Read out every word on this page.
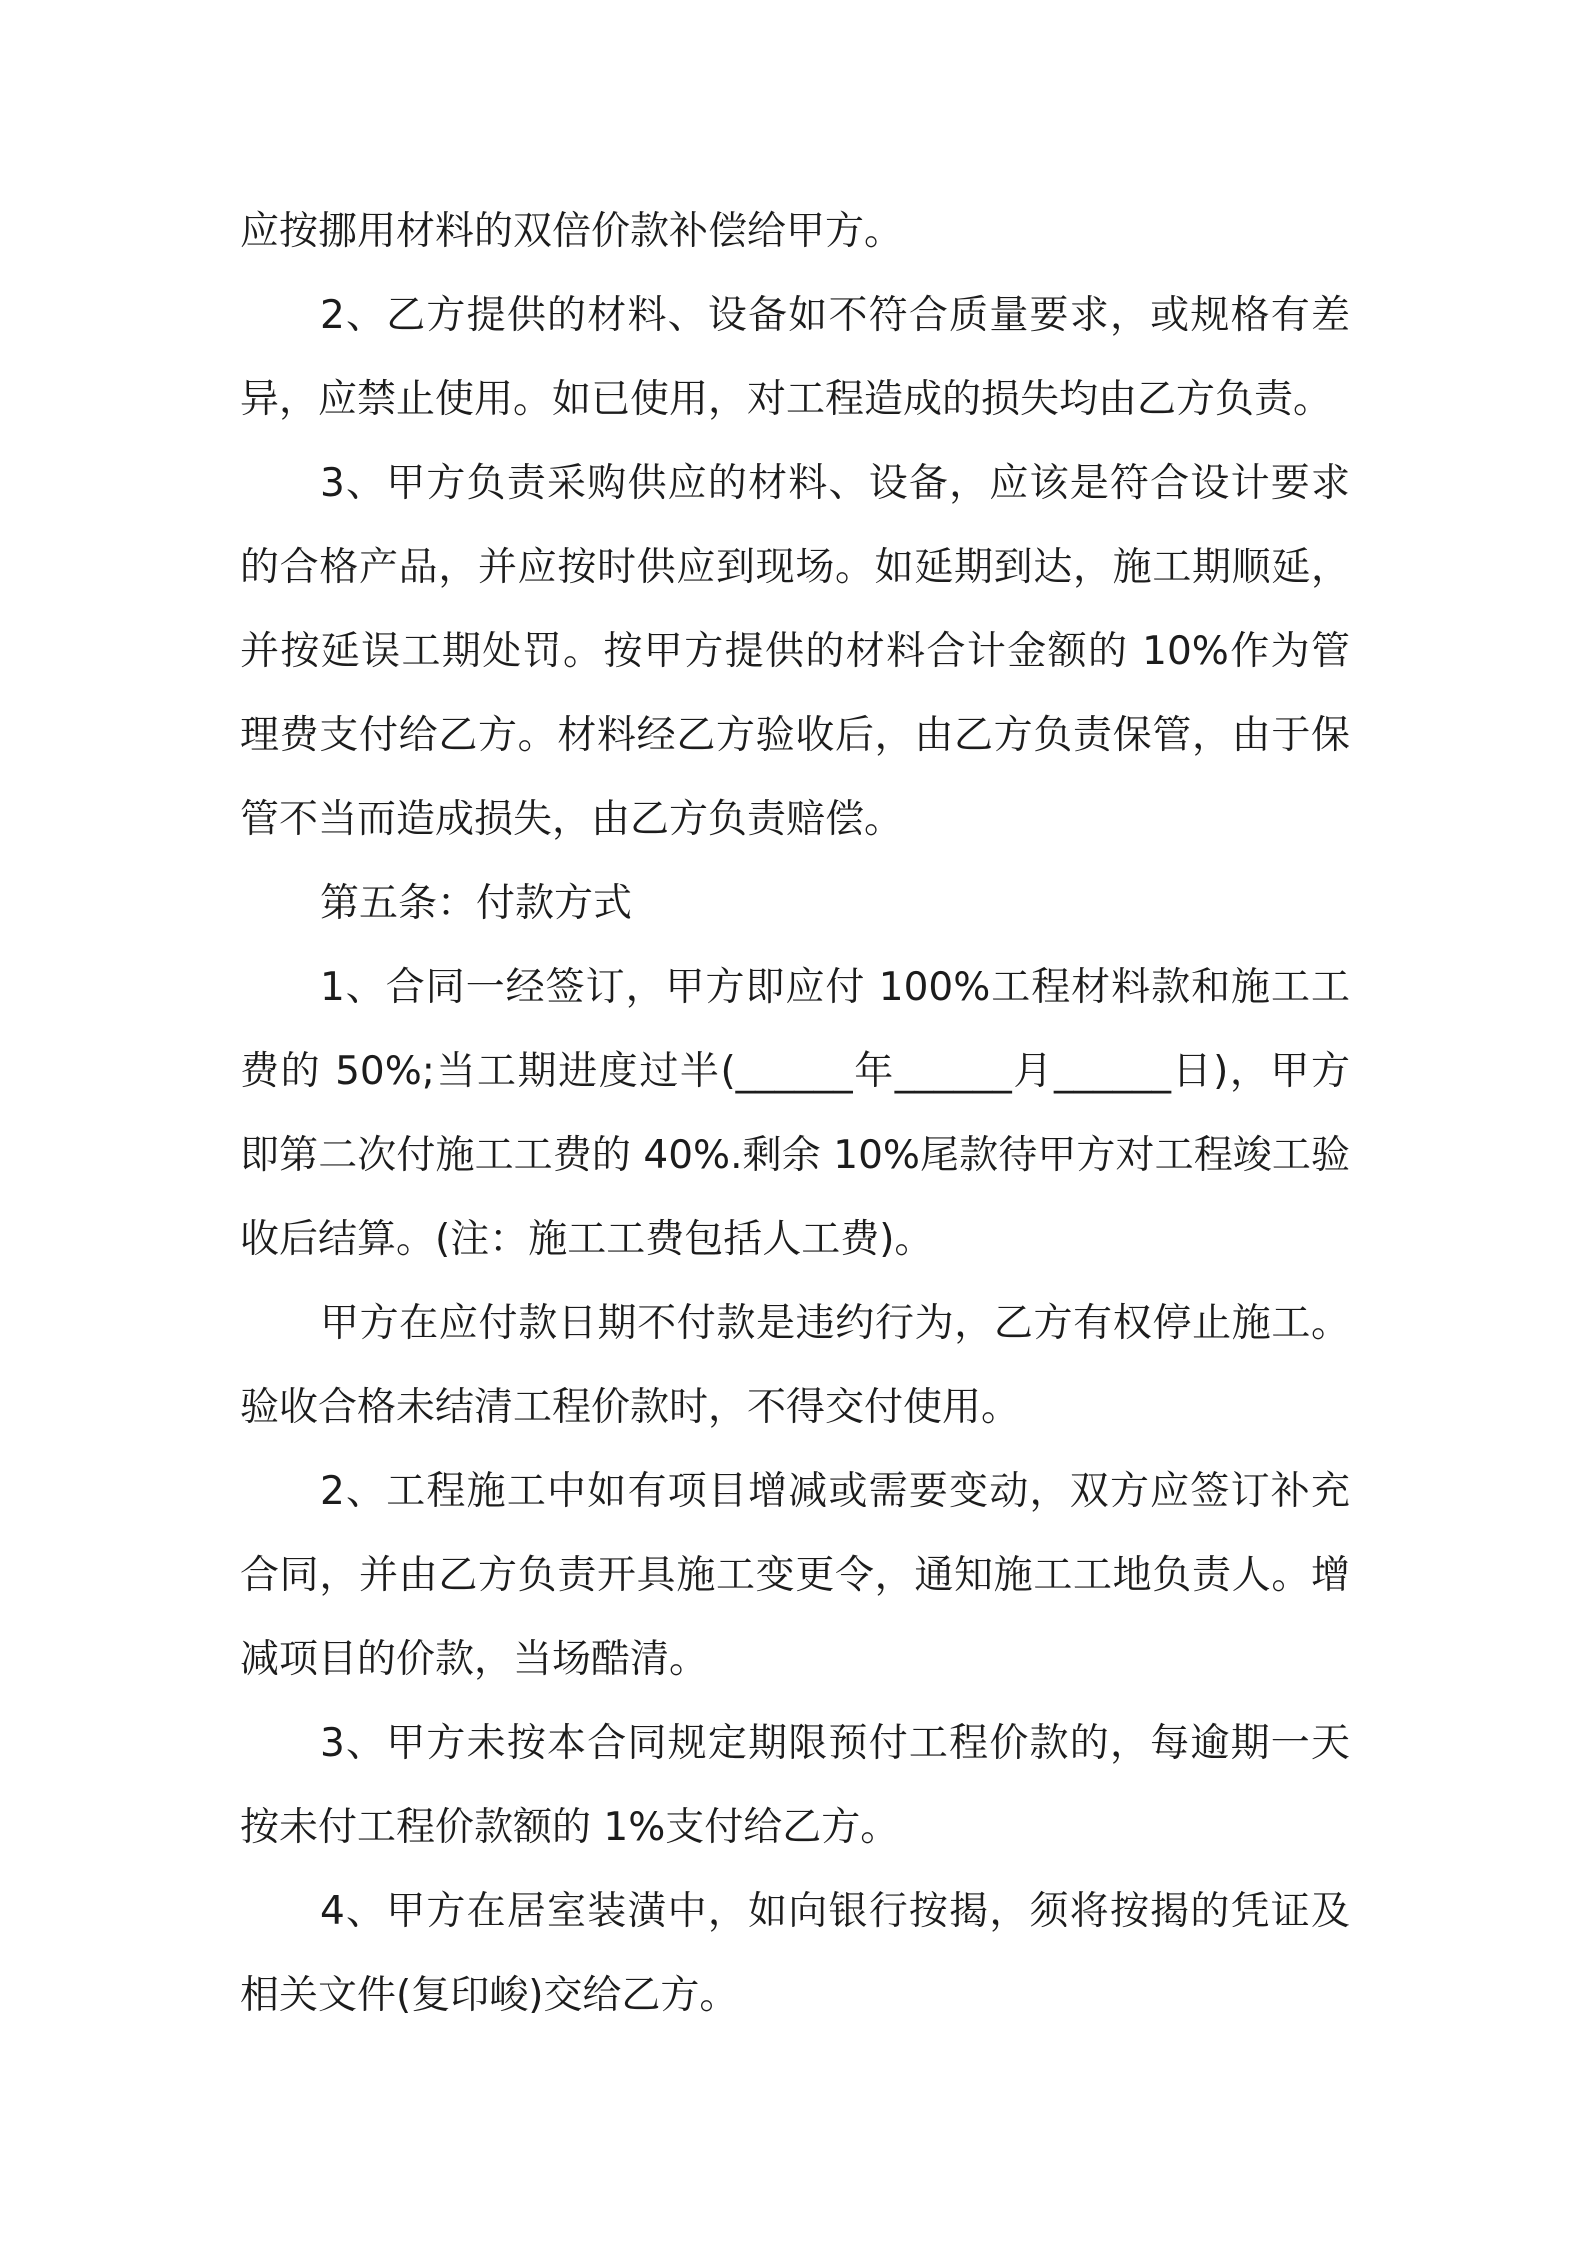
应按挪用材料的双倍价款补偿给甲方。

2、乙方提供的材料、设备如不符合质量要求，或规格有差异，应禁止使用。如已使用，对工程造成的损失均由乙方负责。

3、甲方负责采购供应的材料、设备，应该是符合设计要求的合格产品，并应按时供应到现场。如延期到达，施工期顺延，并按延误工期处罚。按甲方提供的材料合计金额的 10%作为管理费支付给乙方。材料经乙方验收后，由乙方负责保管，由于保管不当而造成损失，由乙方负责赔偿。

第五条：付款方式

1、合同一经签订，甲方即应付 100%工程材料款和施工工费的 50%;当工期进度过半(______年______月______日)，甲方即第二次付施工工费的 40%.剩余 10%尾款待甲方对工程竣工验收后结算。(注：施工工费包括人工费)。

甲方在应付款日期不付款是违约行为，乙方有权停止施工。验收合格未结清工程价款时，不得交付使用。

2、工程施工中如有项目增减或需要变动，双方应签订补充合同，并由乙方负责开具施工变更令，通知施工工地负责人。增减项目的价款，当场酷清。

3、甲方未按本合同规定期限预付工程价款的，每逾期一天按未付工程价款额的 1%支付给乙方。

4、甲方在居室装潢中，如向银行按揭，须将按揭的凭证及相关文件(复印峻)交给乙方。
